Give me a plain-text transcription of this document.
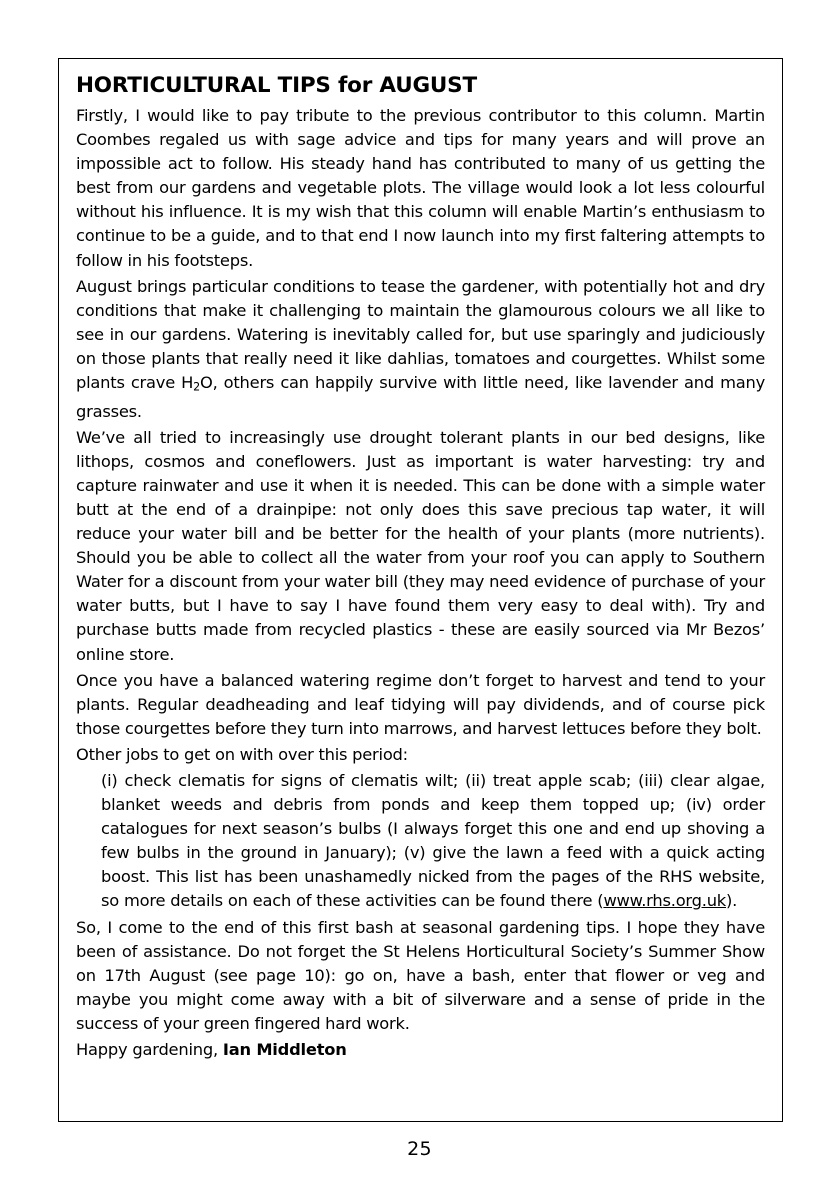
HORTICULTURAL TIPS for AUGUST

Firstly, I would like to pay tribute to the previous contributor to this column. Martin Coombes regaled us with sage advice and tips for many years and will prove an impossible act to follow. His steady hand has contributed to many of us getting the best from our gardens and vegetable plots. The village would look a lot less colourful without his influence. It is my wish that this column will enable Martin’s enthusiasm to continue to be a guide, and to that end I now launch into my first faltering attempts to follow in his footsteps.

August brings particular conditions to tease the gardener, with potentially hot and dry conditions that make it challenging to maintain the glamourous colours we all like to see in our gardens. Watering is inevitably called for, but use sparingly and judiciously on those plants that really need it like dahlias, tomatoes and courgettes. Whilst some plants crave $H_2O$, others can happily survive with little need, like lavender and many grasses.

We’ve all tried to increasingly use drought tolerant plants in our bed designs, like lithops, cosmos and coneflowers. Just as important is water harvesting: try and capture rainwater and use it when it is needed. This can be done with a simple water butt at the end of a drainpipe: not only does this save precious tap water, it will reduce your water bill and be better for the health of your plants (more nutrients). Should you be able to collect all the water from your roof you can apply to Southern Water for a discount from your water bill (they may need evidence of purchase of your water butts, but I have to say I have found them very easy to deal with). Try and purchase butts made from recycled plastics - these are easily sourced via Mr Bezos’ online store.

Once you have a balanced watering regime don’t forget to harvest and tend to your plants. Regular deadheading and leaf tidying will pay dividends, and of course pick those courgettes before they turn into marrows, and harvest lettuces before they bolt.

Other jobs to get on with over this period:

(i) check clematis for signs of clematis wilt; (ii) treat apple scab; (iii) clear algae, blanket weeds and debris from ponds and keep them topped up; (iv) order catalogues for next season’s bulbs (I always forget this one and end up shoving a few bulbs in the ground in January); (v) give the lawn a feed with a quick acting boost. This list has been unashamedly nicked from the pages of the RHS website, so more details on each of these activities can be found there (www.rhs.org.uk).

So, I come to the end of this first bash at seasonal gardening tips. I hope they have been of assistance. Do not forget the St Helens Horticultural Society’s Summer Show on 17th August (see page 10): go on, have a bash, enter that flower or veg and maybe you might come away with a bit of silverware and a sense of pride in the success of your green fingered hard work.

Happy gardening, Ian Middleton

25
